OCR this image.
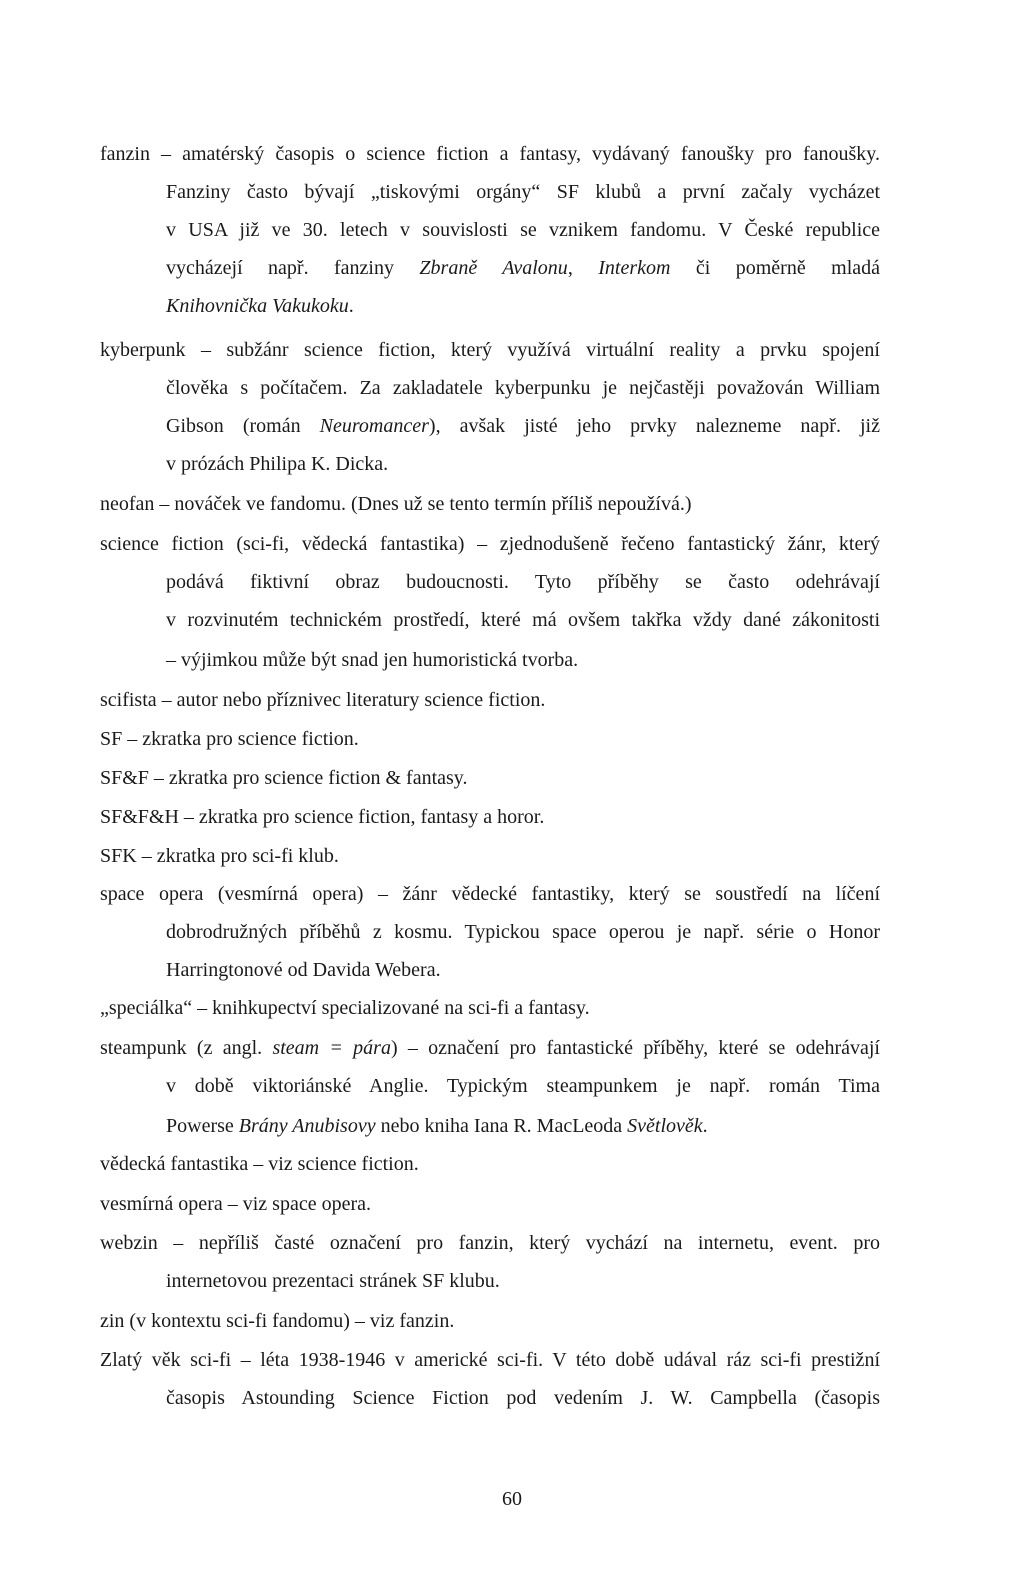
fanzin – amatérský časopis o science fiction a fantasy, vydávaný fanoušky pro fanoušky.
Fanziny často bývají „tiskovými orgány“ SF klubů a první začaly vycházet
v USA již ve 30. letech v souvislosti se vznikem fandomu. V České republice
vycházejí např. fanziny Zbraně Avalonu, Interkom či poměrně mladá
Knihovnička Vakukoku.
kyberpunk – subžánr science fiction, který využívá virtuální reality a prvku spojení
člověka s počítačem. Za zakladatele kyberpunku je nejčastěji považován William
Gibson (román Neuromancer), avšak jisté jeho prvky nalezneme např. již
v prózách Philipa K. Dicka.
neofan – nováček ve fandomu. (Dnes už se tento termín příliš nepoužívá.)
science fiction (sci-fi, vědecká fantastika) – zjednodušeně řečeno fantastický žánr, který
podává fiktivní obraz budoucnosti. Tyto příběhy se často odehrávají
v rozvinutém technickém prostředí, které má ovšem takřka vždy dané zákonitosti
– výjimkou může být snad jen humoristická tvorba.
scifista – autor nebo příznivec literatury science fiction.
SF – zkratka pro science fiction.
SF&F – zkratka pro science fiction & fantasy.
SF&F&H – zkratka pro science fiction, fantasy a horor.
SFK – zkratka pro sci-fi klub.
space opera (vesmírná opera) – žánr vědecké fantastiky, který se soustředí na líčení
dobrodružných příběhů z kosmu. Typickou space operou je např. série o Honor
Harringtonové od Davida Webera.
„speciálka“ – knihkupectví specializované na sci-fi a fantasy.
steampunk (z angl. steam = pára) – označení pro fantastické příběhy, které se odehrávají
v době viktoriánské Anglie. Typickým steampunkem je např. román Tima
Powerse Brány Anubisovy nebo kniha Iana R. MacLeoda Světlověk.
vědecká fantastika – viz science fiction.
vesmírná opera – viz space opera.
webzin – nepříliš časté označení pro fanzin, který vychází na internetu, event. pro
internetovou prezentaci stránek SF klubu.
zin (v kontextu sci-fi fandomu) – viz fanzin.
Zlatý věk sci-fi – léta 1938-1946 v americké sci-fi. V této době udával ráz sci-fi prestižní
časopis Astounding Science Fiction pod vedením J. W. Campbella (časopis
60
